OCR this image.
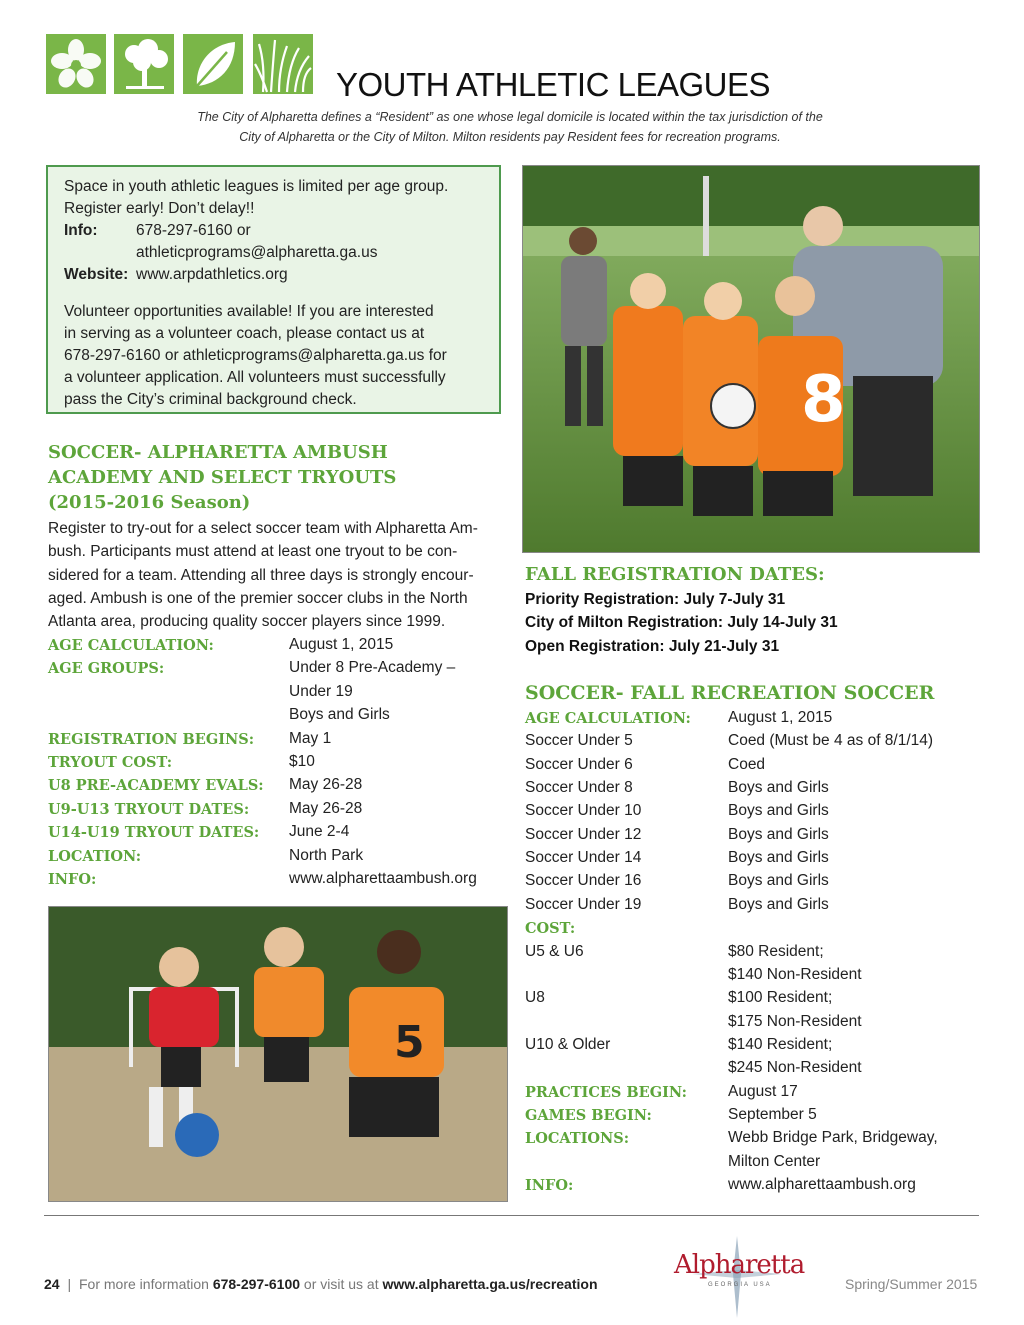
YOUTH ATHLETIC LEAGUES
The City of Alpharetta defines a “Resident” as one whose legal domicile is located within the tax jurisdiction of the
City of Alpharetta or the City of Milton. Milton residents pay Resident fees for recreation programs.

Space in youth athletic leagues is limited per age group.

Register early! Don’t delay!!

Info:	678-297-6160 or
athleticprograms@alpharetta.ga.us
Website: www.arpdathletics.org
Volunteer opportunities available! If you are interested
in serving as a volunteer coach, please contact us at
678-297-6160 or athleticprograms@alpharetta.ga.us for
a volunteer application. All volunteers must successfully
pass the City’s criminal background check.
SOCCER- ALPHARETTA AMBUSH
ACADEMY AND SELECT TRYOUTS
(2015-2016 Season)
Register to try-out for a select soccer team with Alpharetta Am-
bush. Participants must attend at least one tryout to be con-
sidered for a team. Attending all three days is strongly encour-
aged. Ambush is one of the premier soccer clubs in the North
Atlanta area, producing quality soccer players since 1999.
AGE CALCULATION:	August 1, 2015
AGE GROUPS:	Under 8 Pre-Academy –
Under 19
Boys and Girls
REGISTRATION BEGINS: May 1
TRYOUT COST:	$10
U8 PRE-ACADEMY EVALS: May 26-28
U9-U13 TRYOUT DATES:	May 26-28
U14-U19 TRYOUT DATES: June 2-4
LOCATION:	North Park
INFO:	www.alpharettaambush.org
8
5
FALL REGISTRATION DATES:
Priority Registration: July 7-July 31
City of Milton Registration: July 14-July 31
Open Registration: July 21-July 31
SOCCER- FALL RECREATION SOCCER
AGE CALCULATION: August 1, 2015
Soccer Under 5	Coed (Must be 4 as of 8/1/14)
Soccer Under 6	Coed
Soccer Under 8	Boys and Girls
Soccer Under 10	Boys and Girls
Soccer Under 12	Boys and Girls
Soccer Under 14	Boys and Girls
Soccer Under 16	Boys and Girls
Soccer Under 19	Boys and Girls
COST:
U5 & U6	$80 Resident;
$140 Non-Resident
U8	$100 Resident;
$175 Non-Resident
U10 & Older	$140 Resident;
$245 Non-Resident
PRACTICES BEGIN:	August 17
GAMES BEGIN:	September 5
LOCATIONS:	Webb Bridge Park, Bridgeway,
Milton Center
INFO:	www.alpharettaambush.org
24 | For more information 678-297-6100 or visit us at www.alpharetta.ga.us/recreation
Alpharetta
GEORGIA USA	Spring/Summer 2015
